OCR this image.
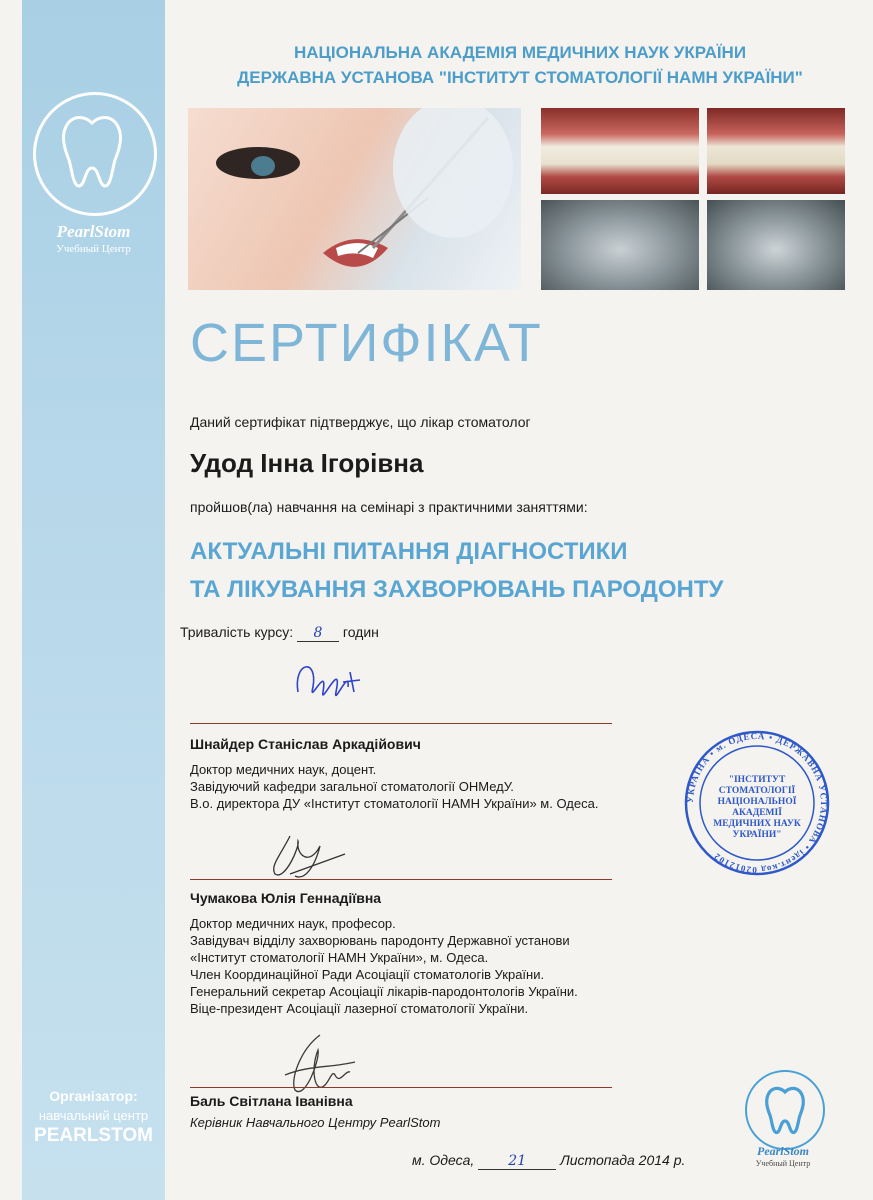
PearlStom
Учебный Центр
Організатор:
навчальний центр
PEARLSTOM
НАЦІОНАЛЬНА АКАДЕМІЯ МЕДИЧНИХ НАУК УКРАЇНИ
ДЕРЖАВНА УСТАНОВА "ІНСТИТУТ СТОМАТОЛОГІЇ НАМН УКРАЇНИ"
СЕРТИФІКАТ
Даний сертифікат підтверджує, що лікар стоматолог
Удод Інна Ігорівна
пройшов(ла) навчання на семінарі з практичними заняттями:
АКТУАЛЬНІ ПИТАННЯ ДІАГНОСТИКИ
ТА ЛІКУВАННЯ ЗАХВОРЮВАНЬ ПАРОДОНТУ
Тривалість курсу: 8 годин
Шнайдер Станіслав Аркадійович
Доктор медичних наук, доцент.
Завідуючий кафедри загальної стоматології ОНМедУ.
В.о. директора ДУ «Інститут стоматології НАМН України» м. Одеса.
Чумакова Юлія Геннадіївна
Доктор медичних наук, професор.
Завідувач відділу захворювань пародонту Державної установи
«Інститут стоматології НАМН України», м. Одеса.
Член Координаційної Ради Асоціації стоматологів України.
Генеральний секретар Асоціації лікарів-пародонтологів України.
Віце-президент Асоціації лазерної стоматології України.
Баль Світлана Іванівна
Керівник Навчального Центру PearlStom
УКРАЇНА • м. ОДЕСА • ДЕРЖАВНА УСТАНОВА • ідент.код 02012102
"ІНСТИТУТ
СТОМАТОЛОГІЇ
НАЦІОНАЛЬНОЇ
АКАДЕМІЇ
МЕДИЧНИХ НАУК
УКРАЇНИ"
м. Одеса, 21 Листопада 2014 р.
PearlStom
Учебный Центр
